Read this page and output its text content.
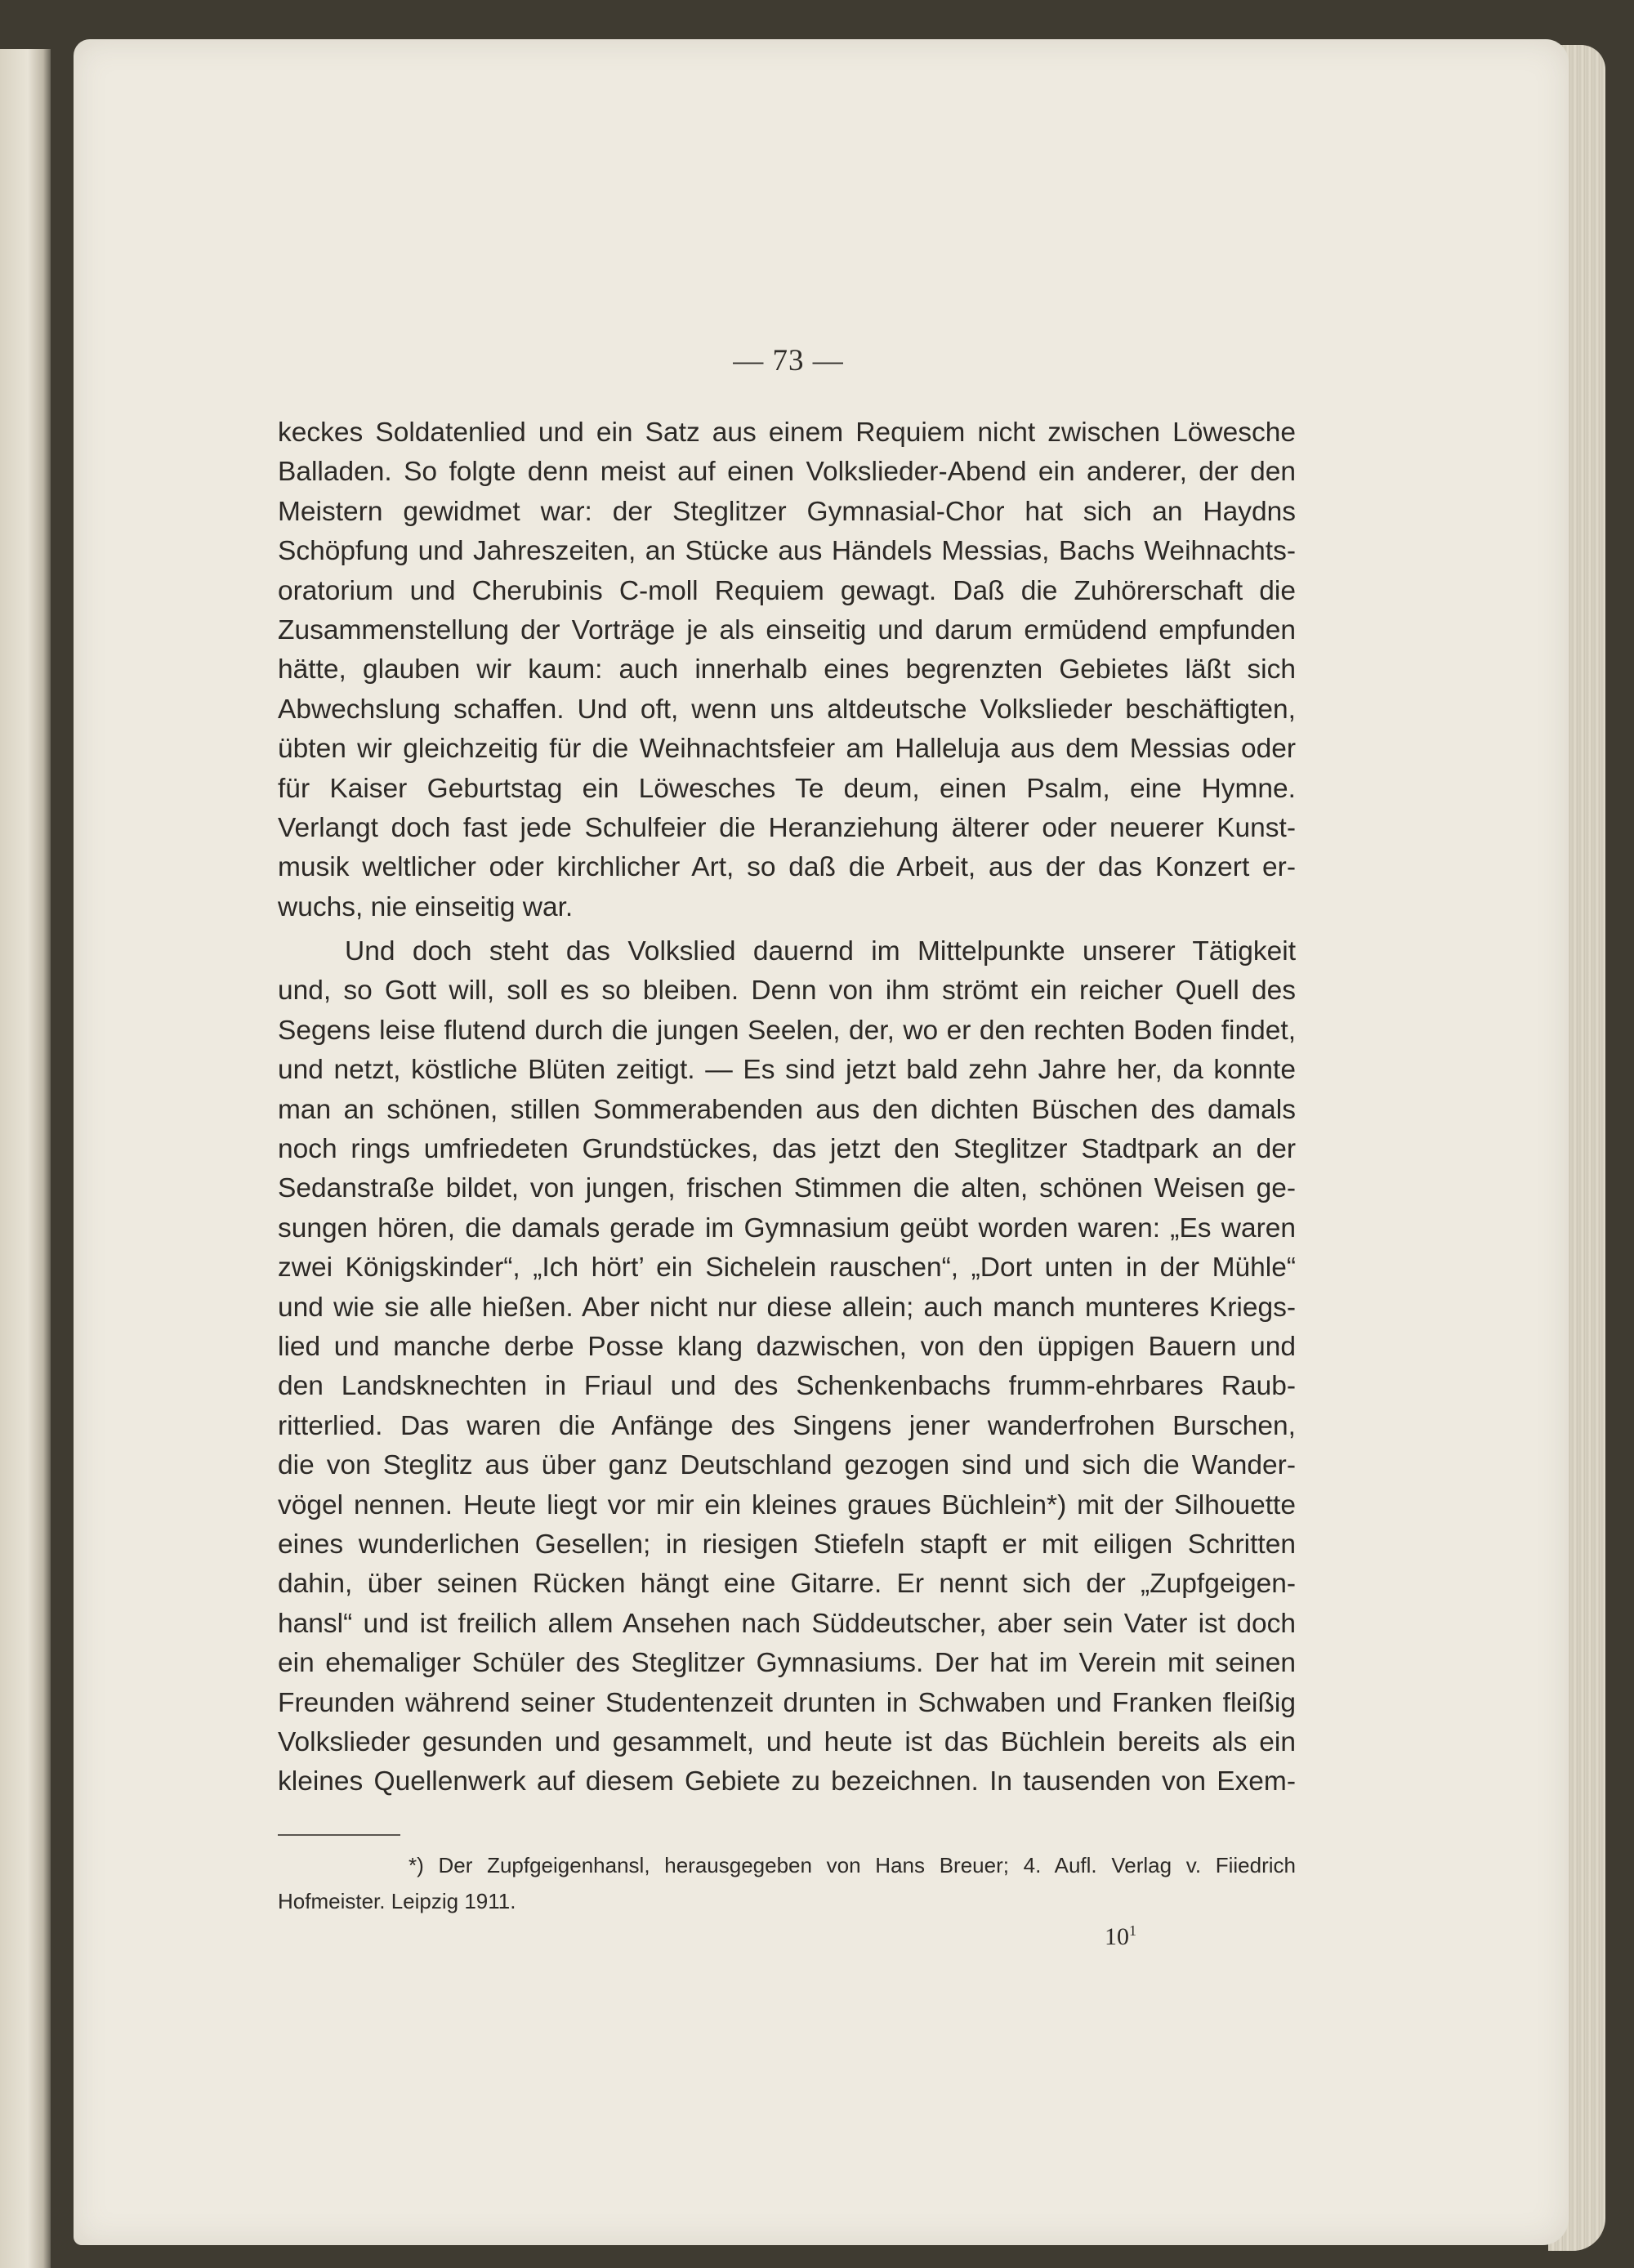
— 73 —
keckes Soldatenlied und ein Satz aus einem Requiem nicht zwischen Löwesche
Balladen. So folgte denn meist auf einen Volkslieder-Abend ein anderer, der den
Meistern gewidmet war: der Steglitzer Gymnasial-Chor hat sich an Haydns
Schöpfung und Jahreszeiten, an Stücke aus Händels Messias, Bachs Weihnachts-
oratorium und Cherubinis C-moll Requiem gewagt. Daß die Zuhörerschaft die
Zusammenstellung der Vorträge je als einseitig und darum ermüdend empfunden
hätte, glauben wir kaum: auch innerhalb eines begrenzten Gebietes läßt sich
Abwechslung schaffen. Und oft, wenn uns altdeutsche Volkslieder beschäftigten,
übten wir gleichzeitig für die Weihnachtsfeier am Halleluja aus dem Messias oder
für Kaiser Geburtstag ein Löwesches Te deum, einen Psalm, eine Hymne.
Verlangt doch fast jede Schulfeier die Heranziehung älterer oder neuerer Kunst-
musik weltlicher oder kirchlicher Art, so daß die Arbeit, aus der das Konzert er-
wuchs, nie einseitig war.
Und doch steht das Volkslied dauernd im Mittelpunkte unserer Tätigkeit
und, so Gott will, soll es so bleiben. Denn von ihm strömt ein reicher Quell des
Segens leise flutend durch die jungen Seelen, der, wo er den rechten Boden findet,
und netzt, köstliche Blüten zeitigt. — Es sind jetzt bald zehn Jahre her, da konnte
man an schönen, stillen Sommerabenden aus den dichten Büschen des damals
noch rings umfriedeten Grundstückes, das jetzt den Steglitzer Stadtpark an der
Sedanstraße bildet, von jungen, frischen Stimmen die alten, schönen Weisen ge-
sungen hören, die damals gerade im Gymnasium geübt worden waren: „Es waren
zwei Königskinder“, „Ich hört’ ein Sichelein rauschen“, „Dort unten in der Mühle“
und wie sie alle hießen. Aber nicht nur diese allein; auch manch munteres Kriegs-
lied und manche derbe Posse klang dazwischen, von den üppigen Bauern und
den Landsknechten in Friaul und des Schenkenbachs frumm-ehrbares Raub-
ritterlied. Das waren die Anfänge des Singens jener wanderfrohen Burschen,
die von Steglitz aus über ganz Deutschland gezogen sind und sich die Wander-
vögel nennen. Heute liegt vor mir ein kleines graues Büchlein*) mit der Silhouette
eines wunderlichen Gesellen; in riesigen Stiefeln stapft er mit eiligen Schritten
dahin, über seinen Rücken hängt eine Gitarre. Er nennt sich der „Zupfgeigen-
hansl“ und ist freilich allem Ansehen nach Süddeutscher, aber sein Vater ist doch
ein ehemaliger Schüler des Steglitzer Gymnasiums. Der hat im Verein mit seinen
Freunden während seiner Studentenzeit drunten in Schwaben und Franken fleißig
Volkslieder gesunden und gesammelt, und heute ist das Büchlein bereits als ein
kleines Quellenwerk auf diesem Gebiete zu bezeichnen. In tausenden von Exem-
*) Der Zupfgeigenhansl, herausgegeben von Hans Breuer; 4. Aufl. Verlag v. Fiiedrich
Hofmeister. Leipzig 1911.
$10^1$
